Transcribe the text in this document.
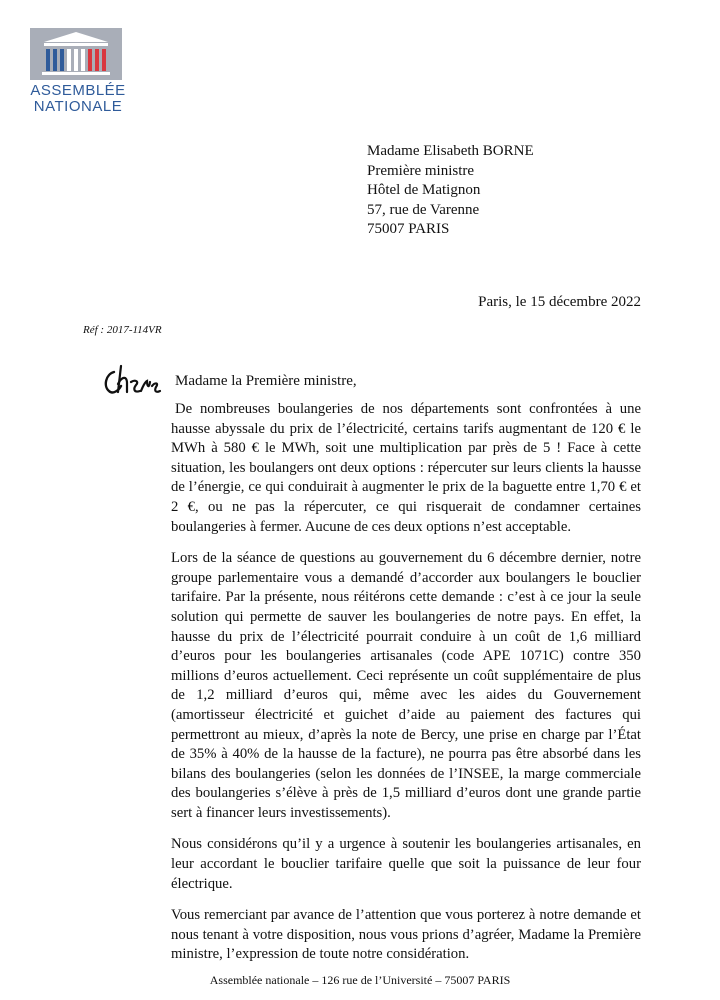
ASSEMBLÉE
NATIONALE
Madame Elisabeth BORNE
Première ministre
Hôtel de Matignon
57, rue de Varenne
75007 PARIS
Paris, le 15 décembre 2022
Réf : 2017-114VR
Madame la Première ministre,

De nombreuses boulangeries de nos départements sont confrontées à une hausse abyssale du prix de l’électricité, certains tarifs augmentant de 120 € le MWh à 580 € le MWh, soit une multiplication par près de 5 ! Face à cette situation, les boulangers ont deux options : répercuter sur leurs clients la hausse de l’énergie, ce qui conduirait à augmenter le prix de la baguette entre 1,70 € et 2 €, ou ne pas la répercuter, ce qui risquerait de condamner certaines boulangeries à fermer. Aucune de ces deux options n’est acceptable.

Lors de la séance de questions au gouvernement du 6 décembre dernier, notre groupe parlementaire vous a demandé d’accorder aux boulangers le bouclier tarifaire. Par la présente, nous réitérons cette demande : c’est à ce jour la seule solution qui permette de sauver les boulangeries de notre pays. En effet, la hausse du prix de l’électricité pourrait conduire à un coût de 1,6 milliard d’euros pour les boulangeries artisanales (code APE 1071C) contre 350 millions d’euros actuellement. Ceci représente un coût supplémentaire de plus de 1,2 milliard d’euros qui, même avec les aides du Gouvernement (amortisseur électricité et guichet d’aide au paiement des factures qui permettront au mieux, d’après la note de Bercy, une prise en charge par l’État de 35% à 40% de la hausse de la facture), ne pourra pas être absorbé dans les bilans des boulangeries (selon les données de l’INSEE, la marge commerciale des boulangeries s’élève à près de 1,5 milliard d’euros dont une grande partie sert à financer leurs investissements).

Nous considérons qu’il y a urgence à soutenir les boulangeries artisanales, en leur accordant le bouclier tarifaire quelle que soit la puissance de leur four électrique.

Vous remerciant par avance de l’attention que vous porterez à notre demande et nous tenant à votre disposition, nous vous prions d’agréer, Madame la Première ministre, l’expression de toute notre considération.

Assemblée nationale – 126 rue de l’Université – 75007 PARIS
